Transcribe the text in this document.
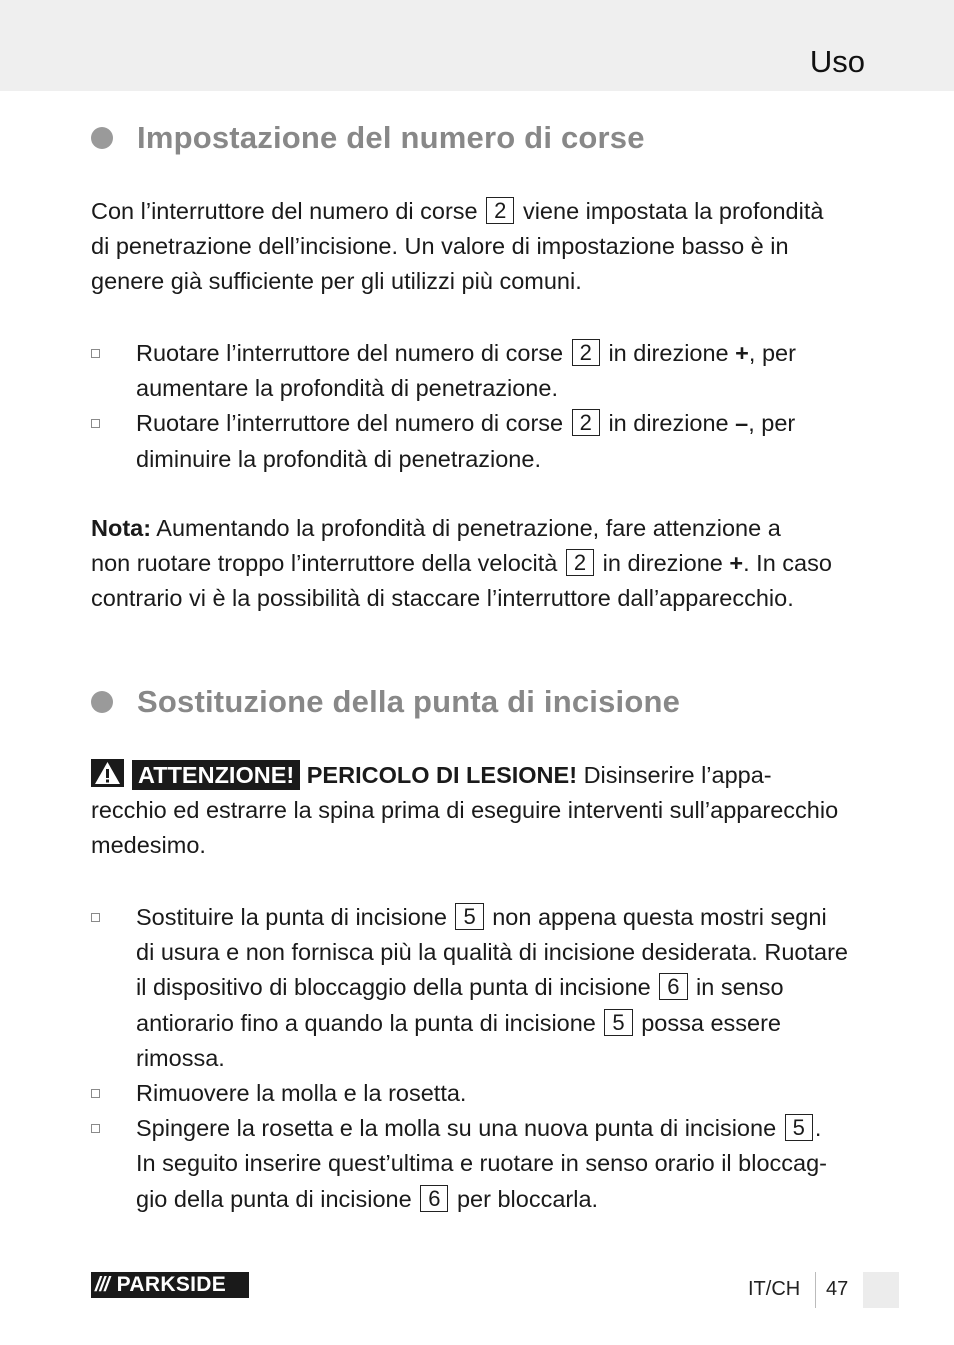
Uso
Impostazione del numero di corse
Con l’interruttore del numero di corse 2 viene impostata la profondità
di penetrazione dell’incisione. Un valore di impostazione basso è in
genere già sufficiente per gli utilizzi più comuni.
Ruotare l’interruttore del numero di corse 2 in direzione +, per
aumentare la profondità di penetrazione.
Ruotare l’interruttore del numero di corse 2 in direzione –, per
diminuire la profondità di penetrazione.
Nota: Aumentando la profondità di penetrazione, fare attenzione a
non ruotare troppo l’interruttore della velocità 2 in direzione +. In caso
contrario vi è la possibilità di staccare l’interruttore dall’apparecchio.
Sostituzione della punta di incisione
ATTENZIONE! PERICOLO DI LESIONE! Disinserire l’appa-
recchio ed estrarre la spina prima di eseguire interventi sull’apparecchio
medesimo.
Sostituire la punta di incisione 5 non appena questa mostri segni
di usura e non fornisca più la qualità di incisione desiderata. Ruotare
il dispositivo di bloccaggio della punta di incisione 6 in senso
antiorario fino a quando la punta di incisione 5 possa essere
rimossa.
Rimuovere la molla e la rosetta.
Spingere la rosetta e la molla su una nuova punta di incisione 5 .
In seguito inserire quest’ultima e ruotare in senso orario il bloccag-
gio della punta di incisione 6 per bloccarla.
/// PARKSIDE	IT/CH 47
